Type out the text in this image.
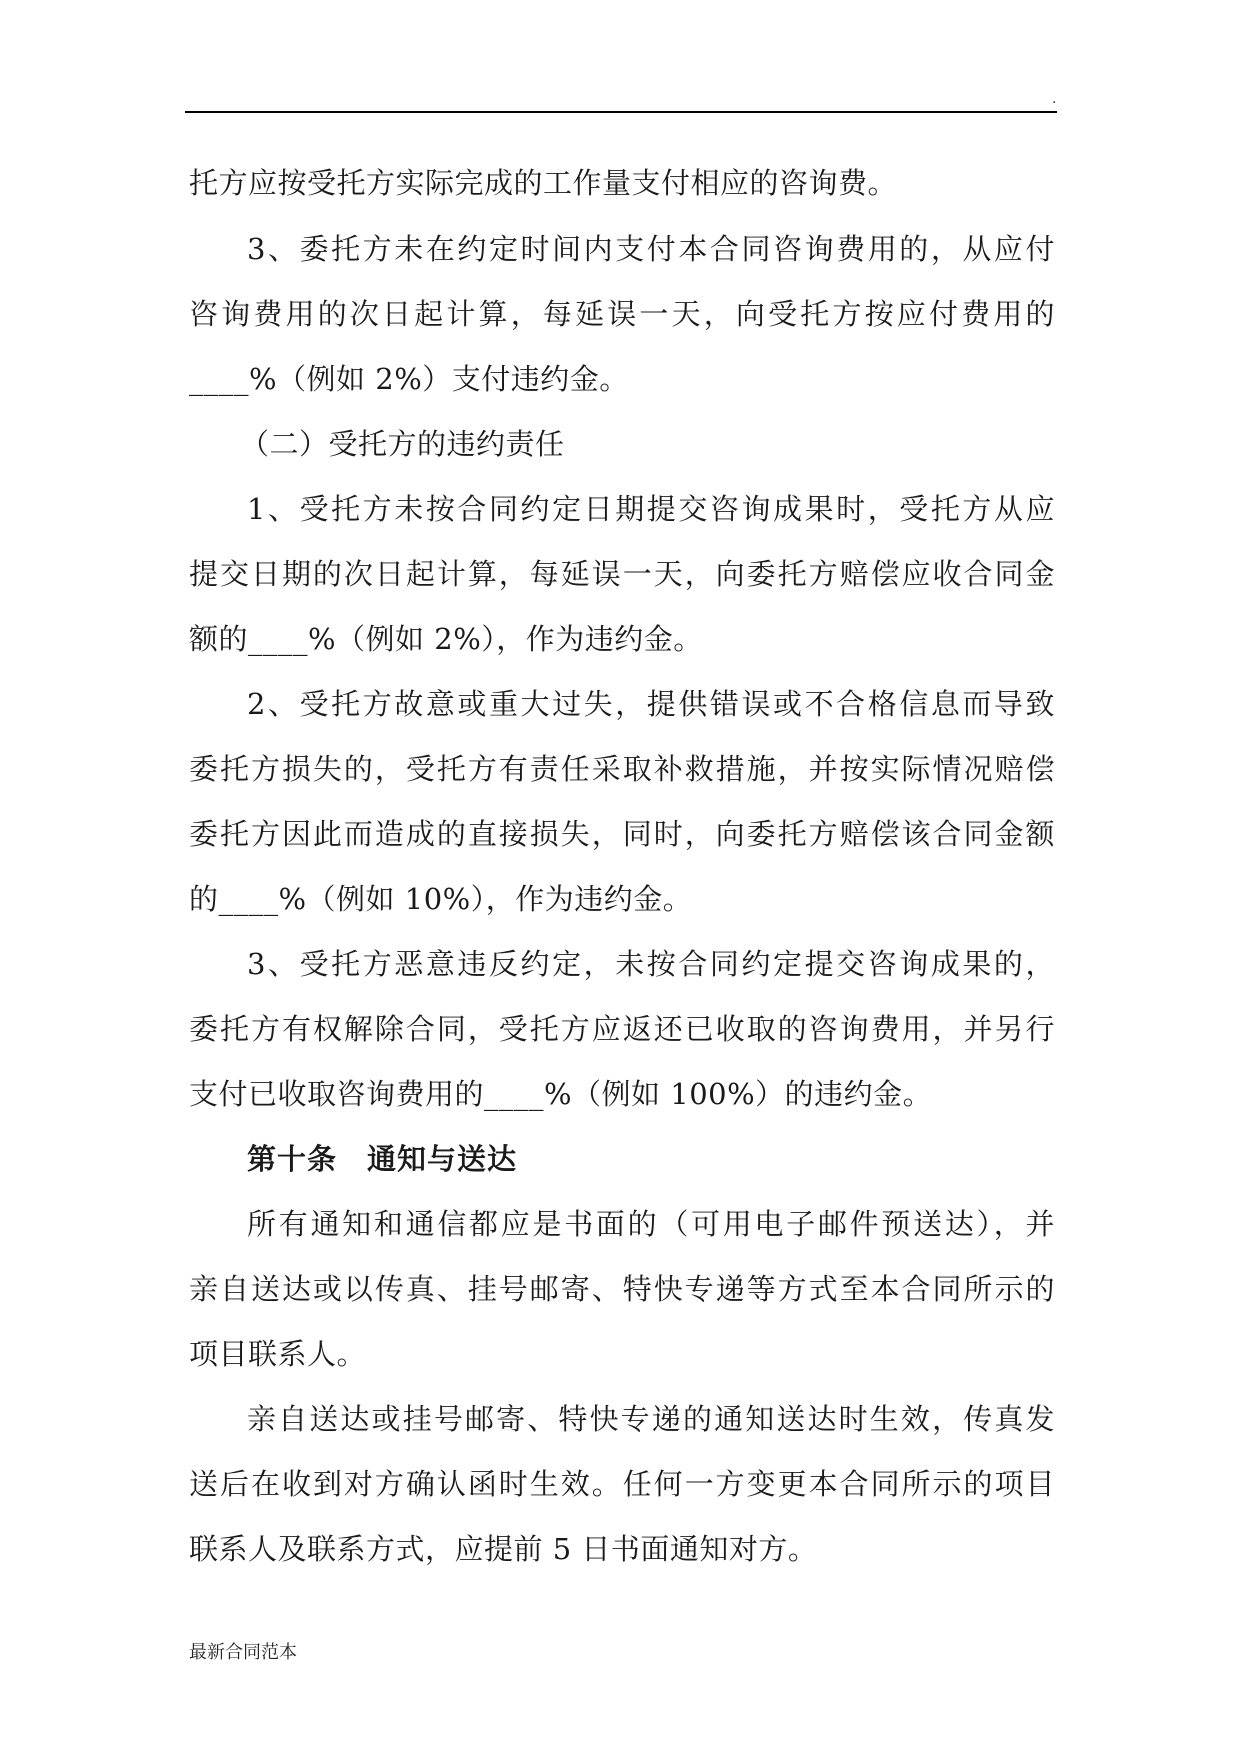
.
托方应按受托方实际完成的工作量支付相应的咨询费。
3、委托方未在约定时间内支付本合同咨询费用的，从应付
咨询费用的次日起计算，每延误一天，向受托方按应付费用的
____%（例如 2%）支付违约金。
（二）受托方的违约责任
1、受托方未按合同约定日期提交咨询成果时，受托方从应
提交日期的次日起计算，每延误一天，向委托方赔偿应收合同金
额的____%（例如 2%），作为违约金。
2、受托方故意或重大过失，提供错误或不合格信息而导致
委托方损失的，受托方有责任采取补救措施，并按实际情况赔偿
委托方因此而造成的直接损失，同时，向委托方赔偿该合同金额
的____%（例如 10%），作为违约金。
3、受托方恶意违反约定，未按合同约定提交咨询成果的，
委托方有权解除合同，受托方应返还已收取的咨询费用，并另行
支付已收取咨询费用的____%（例如 100%）的违约金。
第十条　通知与送达
所有通知和通信都应是书面的（可用电子邮件预送达），并
亲自送达或以传真、挂号邮寄、特快专递等方式至本合同所示的
项目联系人。
亲自送达或挂号邮寄、特快专递的通知送达时生效，传真发
送后在收到对方确认函时生效。任何一方变更本合同所示的项目
联系人及联系方式，应提前 5 日书面通知对方。
最新合同范本
